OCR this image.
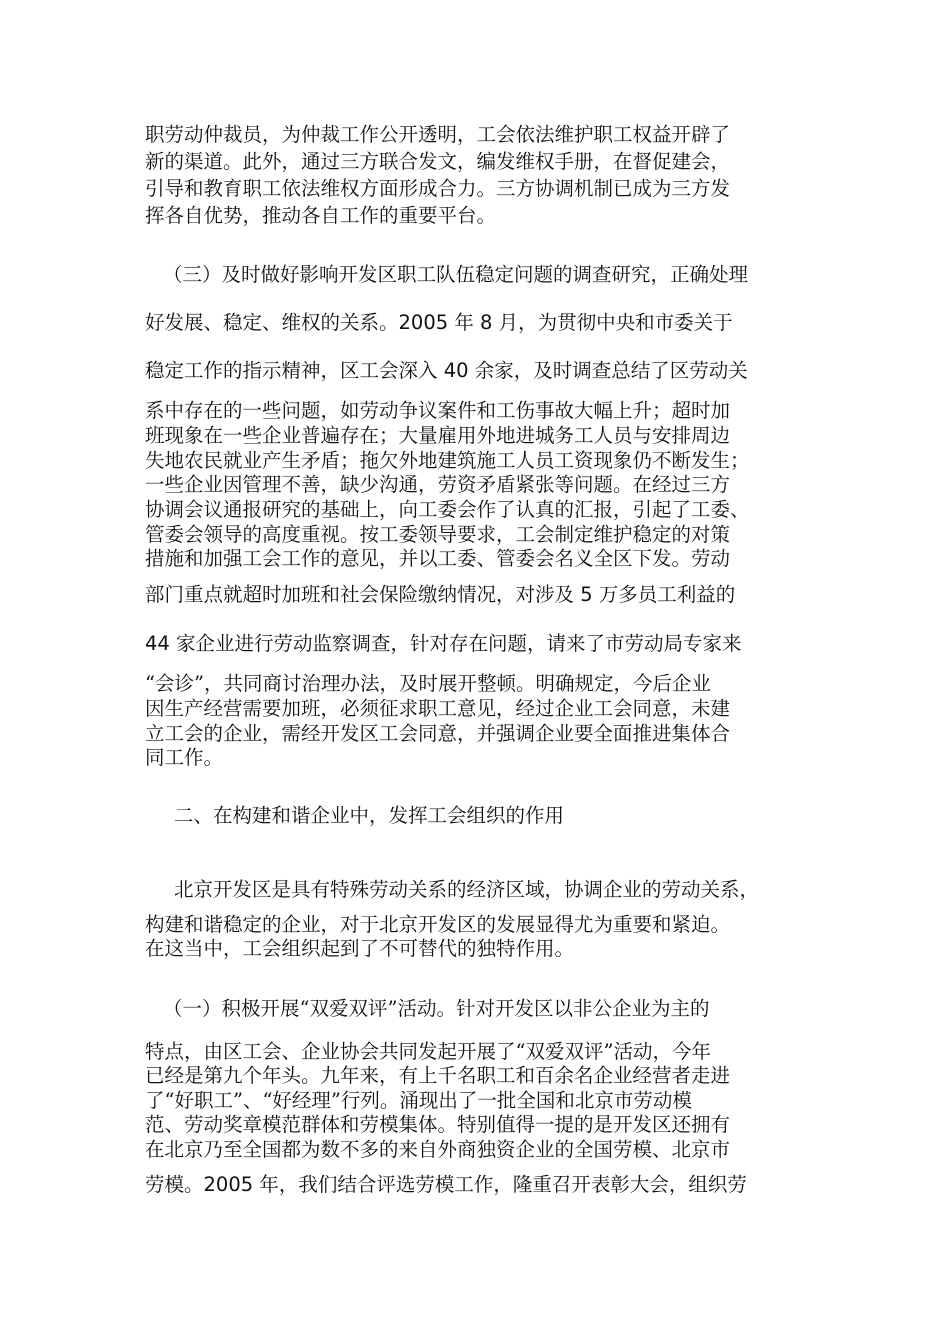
职劳动仲裁员，为仲裁工作公开透明，工会依法维护职工权益开辟了
新的渠道。此外，通过三方联合发文，编发维权手册，在督促建会，
引导和教育职工依法维权方面形成合力。三方协调机制已成为三方发
挥各自优势，推动各自工作的重要平台。
（三）及时做好影响开发区职工队伍稳定问题的调查研究，正确处理
好发展、稳定、维权的关系。2005 年 8 月，为贯彻中央和市委关于
稳定工作的指示精神，区工会深入 40 余家，及时调查总结了区劳动关
系中存在的一些问题，如劳动争议案件和工伤事故大幅上升；超时加
班现象在一些企业普遍存在；大量雇用外地进城务工人员与安排周边
失地农民就业产生矛盾；拖欠外地建筑施工人员工资现象仍不断发生；
一些企业因管理不善，缺少沟通，劳资矛盾紧张等问题。在经过三方
协调会议通报研究的基础上，向工委会作了认真的汇报，引起了工委、
管委会领导的高度重视。按工委领导要求，工会制定维护稳定的对策
措施和加强工会工作的意见，并以工委、管委会名义全区下发。劳动
部门重点就超时加班和社会保险缴纳情况，对涉及 5 万多员工利益的
44 家企业进行劳动监察调查，针对存在问题，请来了市劳动局专家来
“会诊”，共同商讨治理办法，及时展开整顿。明确规定，今后企业
因生产经营需要加班，必须征求职工意见，经过企业工会同意，未建
立工会的企业，需经开发区工会同意，并强调企业要全面推进集体合
同工作。
二、在构建和谐企业中，发挥工会组织的作用
北京开发区是具有特殊劳动关系的经济区域，协调企业的劳动关系，
构建和谐稳定的企业，对于北京开发区的发展显得尤为重要和紧迫。
在这当中，工会组织起到了不可替代的独特作用。
（一）积极开展“双爱双评”活动。针对开发区以非公企业为主的
特点，由区工会、企业协会共同发起开展了“双爱双评”活动，今年
已经是第九个年头。九年来，有上千名职工和百余名企业经营者走进
了“好职工”、“好经理”行列。涌现出了一批全国和北京市劳动模
范、劳动奖章模范群体和劳模集体。特别值得一提的是开发区还拥有
在北京乃至全国都为数不多的来自外商独资企业的全国劳模、北京市
劳模。2005 年，我们结合评选劳模工作，隆重召开表彰大会，组织劳
